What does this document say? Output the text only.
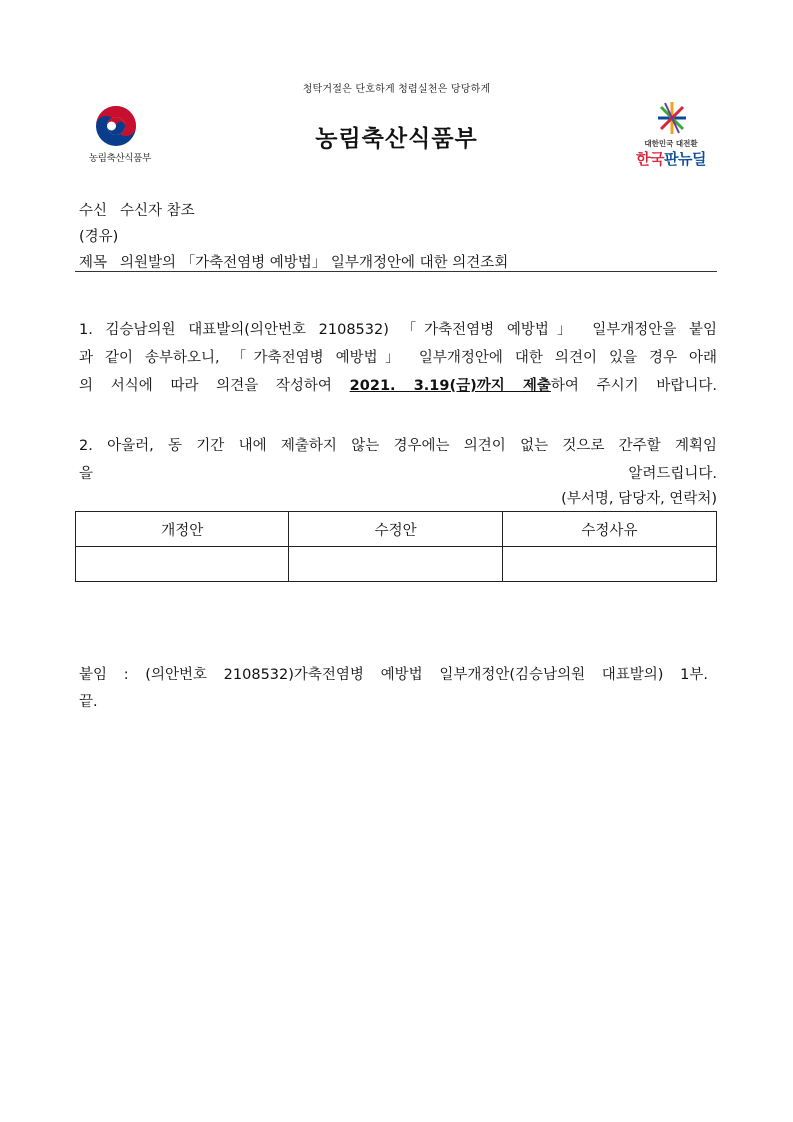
청탁거절은 단호하게 청렴실천은 당당하게
농림축산식품부
농림축산식품부	대한민국 대전환
한국판뉴딜
수신 수신자 참조
(경유)
제목 의원발의 「가축전염병 예방법」 일부개정안에 대한 의견조회
1. 김승남의원 대표발의(의안번호 2108532) 「가축전염병 예방법」 일부개정안을 붙임
과 같이 송부하오니, 「가축전염병 예방법」 일부개정안에 대한 의견이 있을 경우 아래
의 서식에 따라 의견을 작성하여 2021. 3.19(금)까지 제출하여 주시기 바랍니다.
2. 아울러, 동 기간 내에 제출하지 않는 경우에는 의견이 없는 것으로 간주할 계획임
을 알려드립니다.
(부서명, 담당자, 연락처)
개정안	수정안	수정사유

붙임 : (의안번호 2108532)가축전염병 예방법 일부개정안(김승남의원 대표발의) 1부.
끝.
